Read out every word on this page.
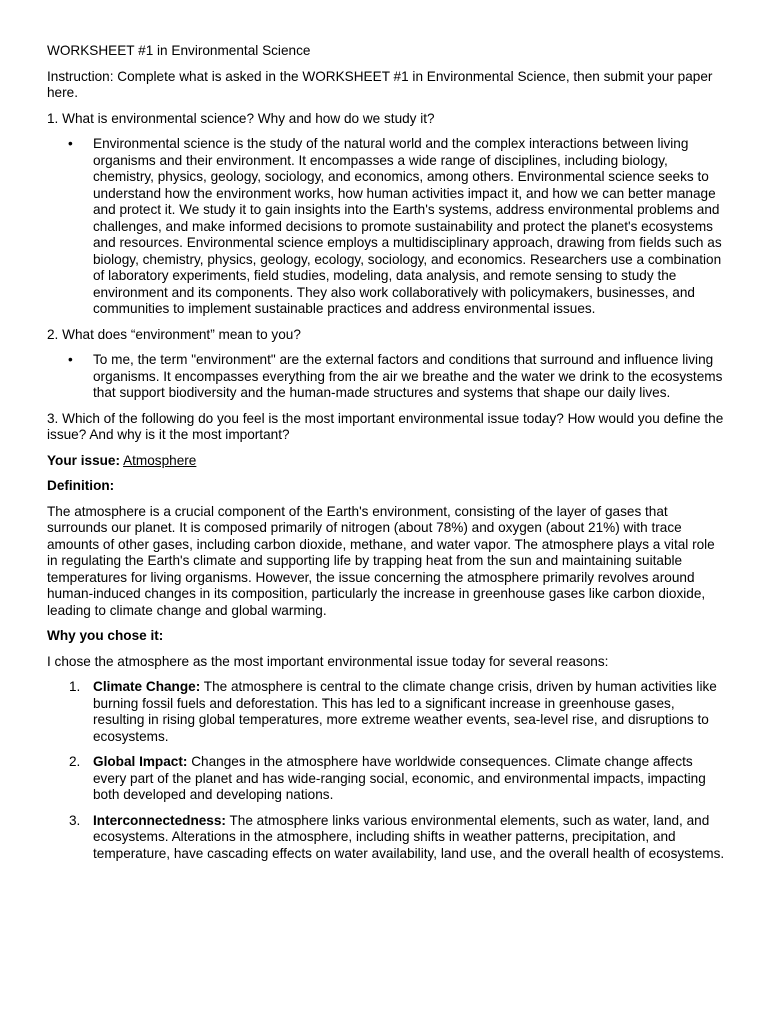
WORKSHEET #1 in Environmental Science

Instruction: Complete what is asked in the WORKSHEET #1 in Environmental Science, then submit your paper here.

1. What is environmental science? Why and how do we study it?

• Environmental science is the study of the natural world and the complex interactions between living organisms and their environment. It encompasses a wide range of disciplines, including biology, chemistry, physics, geology, sociology, and economics, among others. Environmental science seeks to understand how the environment works, how human activities impact it, and how we can better manage and protect it. We study it to gain insights into the Earth's systems, address environmental problems and challenges, and make informed decisions to promote sustainability and protect the planet's ecosystems and resources. Environmental science employs a multidisciplinary approach, drawing from fields such as biology, chemistry, physics, geology, ecology, sociology, and economics. Researchers use a combination of laboratory experiments, field studies, modeling, data analysis, and remote sensing to study the environment and its components. They also work collaboratively with policymakers, businesses, and communities to implement sustainable practices and address environmental issues.

2. What does “environment” mean to you?

• To me, the term "environment" are the external factors and conditions that surround and influence living organisms. It encompasses everything from the air we breathe and the water we drink to the ecosystems that support biodiversity and the human-made structures and systems that shape our daily lives.

3. Which of the following do you feel is the most important environmental issue today? How would you define the issue? And why is it the most important?

Your issue: Atmosphere

Definition:

The atmosphere is a crucial component of the Earth's environment, consisting of the layer of gases that surrounds our planet. It is composed primarily of nitrogen (about 78%) and oxygen (about 21%) with trace amounts of other gases, including carbon dioxide, methane, and water vapor. The atmosphere plays a vital role in regulating the Earth's climate and supporting life by trapping heat from the sun and maintaining suitable temperatures for living organisms. However, the issue concerning the atmosphere primarily revolves around human-induced changes in its composition, particularly the increase in greenhouse gases like carbon dioxide, leading to climate change and global warming.

Why you chose it:

I chose the atmosphere as the most important environmental issue today for several reasons:

1. Climate Change: The atmosphere is central to the climate change crisis, driven by human activities like burning fossil fuels and deforestation. This has led to a significant increase in greenhouse gases, resulting in rising global temperatures, more extreme weather events, sea-level rise, and disruptions to ecosystems.
2. Global Impact: Changes in the atmosphere have worldwide consequences. Climate change affects every part of the planet and has wide-ranging social, economic, and environmental impacts, impacting both developed and developing nations.
3. Interconnectedness: The atmosphere links various environmental elements, such as water, land, and ecosystems. Alterations in the atmosphere, including shifts in weather patterns, precipitation, and temperature, have cascading effects on water availability, land use, and the overall health of ecosystems.
